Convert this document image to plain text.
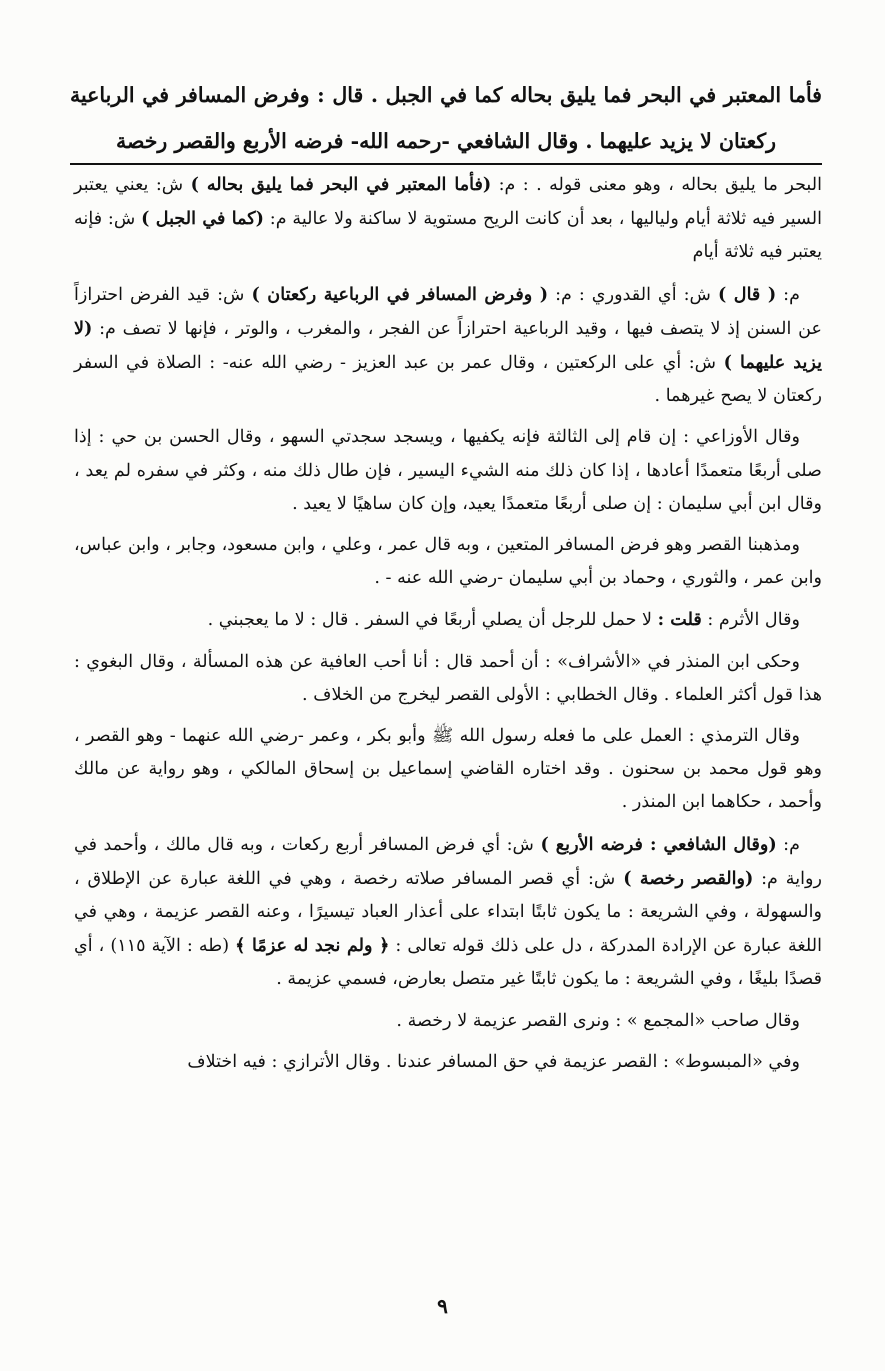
فأما المعتبر في البحر فما يليق بحاله كما في الجبل . قال : وفرض المسافر في الرباعية ركعتان لا يزيد عليهما . وقال الشافعي -رحمه الله- فرضه الأربع والقصر رخصة

البحر ما يليق بحاله ، وهو معنى قوله . : م: (فأما المعتبر في البحر فما يليق بحاله ) ش: يعني يعتبر السير فيه ثلاثة أيام ولياليها ، بعد أن كانت الريح مستوية لا ساكنة ولا عالية م: (كما في الجبل ) ش: فإنه يعتبر فيه ثلاثة أيام

م: ( قال ) ش: أي القدوري : م: ( وفرض المسافر في الرباعية ركعتان ) ش: قيد الفرض احترازاً عن السنن إذ لا يتصف فيها ، وقيد الرباعية احترازاً عن الفجر ، والمغرب ، والوتر ، فإنها لا تصف م: (لا يزيد عليهما ) ش: أي على الركعتين ، وقال عمر بن عبد العزيز - رضي الله عنه- : الصلاة في السفر ركعتان لا يصح غيرهما .

وقال الأوزاعي : إن قام إلى الثالثة فإنه يكفيها ، ويسجد سجدتي السهو ، وقال الحسن بن حي : إذا صلى أربعًا متعمدًا أعادها ، إذا كان ذلك منه الشيء اليسير ، فإن طال ذلك منه ، وكثر في سفره لم يعد ، وقال ابن أبي سليمان : إن صلى أربعًا متعمدًا يعيد، وإن كان ساهيًا لا يعيد .

ومذهبنا القصر وهو فرض المسافر المتعين ، وبه قال عمر ، وعلي ، وابن مسعود، وجابر ، وابن عباس، وابن عمر ، والثوري ، وحماد بن أبي سليمان -رضي الله عنه - .

وقال الأثرم : قلت : لا حمل للرجل أن يصلي أربعًا في السفر . قال : لا ما يعجبني .

وحكى ابن المنذر في «الأشراف» : أن أحمد قال : أنا أحب العافية عن هذه المسألة ، وقال البغوي : هذا قول أكثر العلماء . وقال الخطابي : الأولى القصر ليخرج من الخلاف .

وقال الترمذي : العمل على ما فعله رسول الله ﷺ وأبو بكر ، وعمر -رضي الله عنهما - وهو القصر ، وهو قول محمد بن سحنون . وقد اختاره القاضي إسماعيل بن إسحاق المالكي ، وهو رواية عن مالك وأحمد ، حكاهما ابن المنذر .

م: (وقال الشافعي : فرضه الأربع ) ش: أي فرض المسافر أربع ركعات ، وبه قال مالك ، وأحمد في رواية م: (والقصر رخصة ) ش: أي قصر المسافر صلاته رخصة ، وهي في اللغة عبارة عن الإطلاق ، والسهولة ، وفي الشريعة : ما يكون ثابتًا ابتداء على أعذار العباد تيسيرًا ، وعنه القصر عزيمة ، وهي في اللغة عبارة عن الإرادة المدركة ، دل على ذلك قوله تعالى : ﴿ ولم نجد له عزمًا ﴾ (طه : الآية ١١٥) ، أي قصدًا بليغًا ، وفي الشريعة : ما يكون ثابتًا غير متصل بعارض، فسمي عزيمة .

وقال صاحب «المجمع » : ونرى القصر عزيمة لا رخصة .

وفي «المبسوط» : القصر عزيمة في حق المسافر عندنا . وقال الأترازي : فيه اختلاف

٩
